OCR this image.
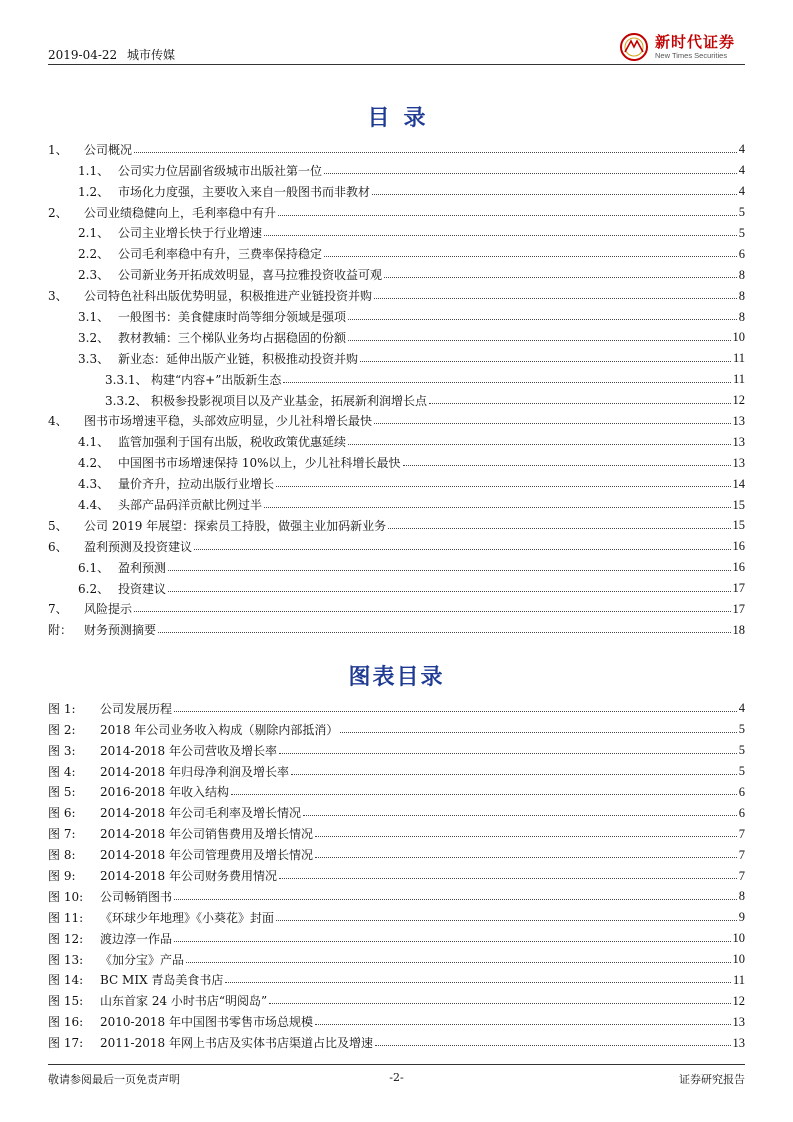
2019-04-22 城市传媒
新时代证券
New Times Securities
目录
1、	公司概况	4
1.1、 公司实力位居副省级城市出版社第一位	4
1.2、 市场化力度强，主要收入来自一般图书而非教材	4
2、	公司业绩稳健向上，毛利率稳中有升	5
2.1、 公司主业增长快于行业增速	5
2.2、 公司毛利率稳中有升，三费率保持稳定	6
2.3、 公司新业务开拓成效明显，喜马拉雅投资收益可观	8
3、	公司特色社科出版优势明显，积极推进产业链投资并购	8
3.1、 一般图书：美食健康时尚等细分领域是强项	8
3.2、 教材教辅：三个梯队业务均占据稳固的份额	10
3.3、 新业态：延伸出版产业链，积极推动投资并购	11
3.3.1、 构建“内容+”出版新生态	11
3.3.2、 积极参投影视项目以及产业基金，拓展新利润增长点	12
4、	图书市场增速平稳，头部效应明显，少儿社科增长最快	13
4.1、 监管加强利于国有出版，税收政策优惠延续	13
4.2、 中国图书市场增速保持 10%以上，少儿社科增长最快	13
4.3、 量价齐升，拉动出版行业增长	14
4.4、 头部产品码洋贡献比例过半	15
5、	公司 2019 年展望：探索员工持股，做强主业加码新业务	15
6、	盈利预测及投资建议	16
6.1、 盈利预测	16
6.2、 投资建议	17
7、	风险提示	17
附： 财务预测摘要	18
图表目录
图 1:	公司发展历程	4
图 2:	2018 年公司业务收入构成（剔除内部抵消）	5
图 3:	2014-2018 年公司营收及增长率	5
图 4:	2014-2018 年归母净利润及增长率	5
图 5:	2016-2018 年收入结构	6
图 6:	2014-2018 年公司毛利率及增长情况	6
图 7:	2014-2018 年公司销售费用及增长情况	7
图 8:	2014-2018 年公司管理费用及增长情况	7
图 9:	2014-2018 年公司财务费用情况	7
图 10:	公司畅销图书	8
图 11:	《环球少年地理》《小葵花》封面	9
图 12:	渡边淳一作品	10
图 13:	《加分宝》产品	10
图 14:	BC MIX 青岛美食书店	11
图 15:	山东首家 24 小时书店“明阅岛”	12
图 16:	2010-2018 年中国图书零售市场总规模	13
图 17:	2011-2018 年网上书店及实体书店渠道占比及增速	13
敬请参阅最后一页免责声明	-2-	证券研究报告
